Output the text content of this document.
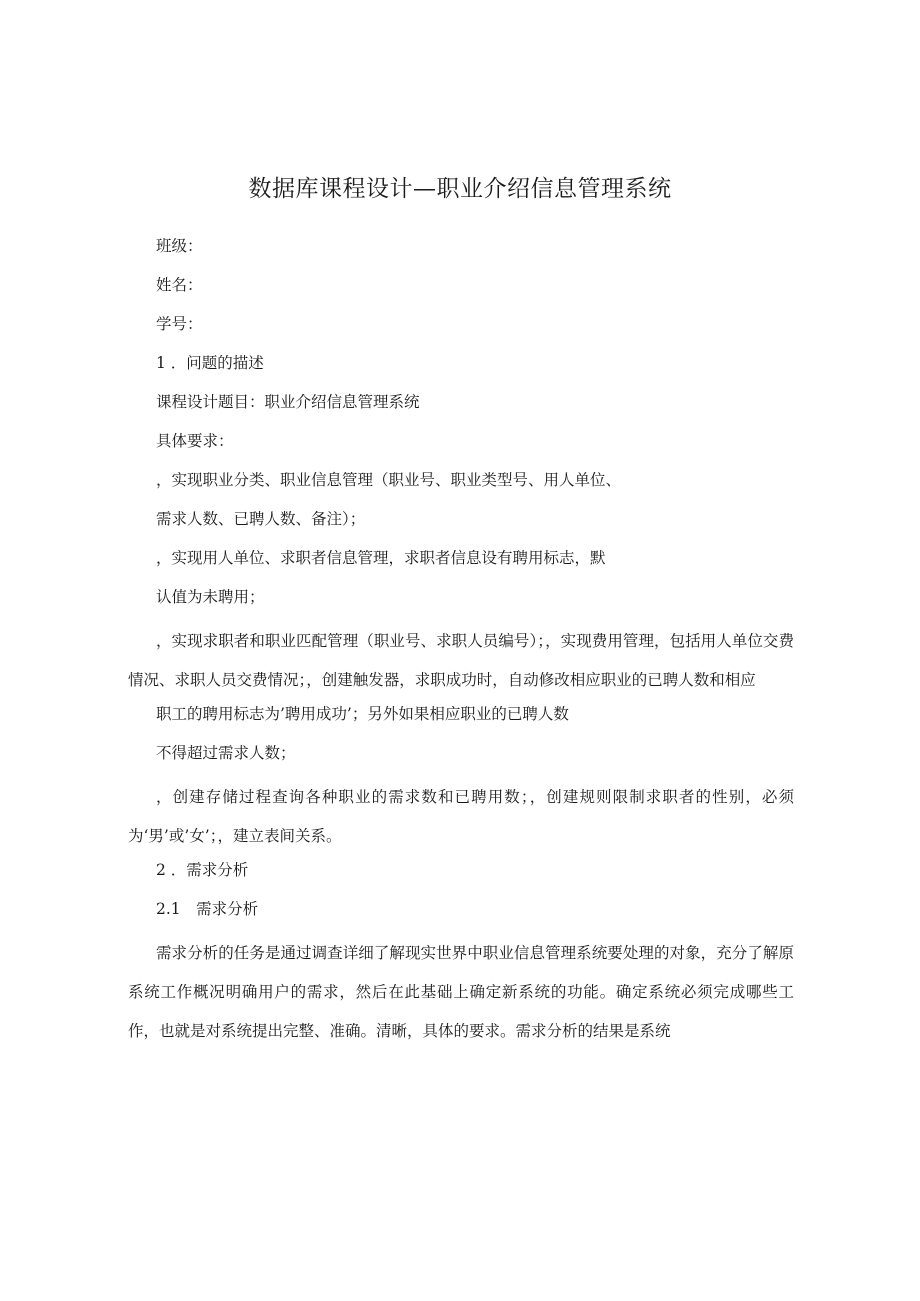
数据库课程设计—职业介绍信息管理系统
班级：
姓名：
学号：
1 ．问题的描述
课程设计题目：职业介绍信息管理系统
具体要求：
，实现职业分类、职业信息管理（职业号、职业类型号、用人单位、
需求人数、已聘人数、备注）；
，实现用人单位、求职者信息管理，求职者信息设有聘用标志，默
认值为未聘用；

，实现求职者和职业匹配管理（职业号、求职人员编号）；，实现费用管理，包括用人单位交费情况、求职人员交费情况；，创建触发器，求职成功时，自动修改相应职业的已聘人数和相应

职工的聘用标志为’聘用成功’；另外如果相应职业的已聘人数
不得超过需求人数；

，创建存储过程查询各种职业的需求数和已聘用数；，创建规则限制求职者的性别，必须为‘男’或’女’；，建立表间关系。

2 ．需求分析
2.1　需求分析

需求分析的任务是通过调查详细了解现实世界中职业信息管理系统要处理的对象，充分了解原系统工作概况明确用户的需求，然后在此基础上确定新系统的功能。确定系统必须完成哪些工作，也就是对系统提出完整、准确。清晰，具体的要求。需求分析的结果是系统
